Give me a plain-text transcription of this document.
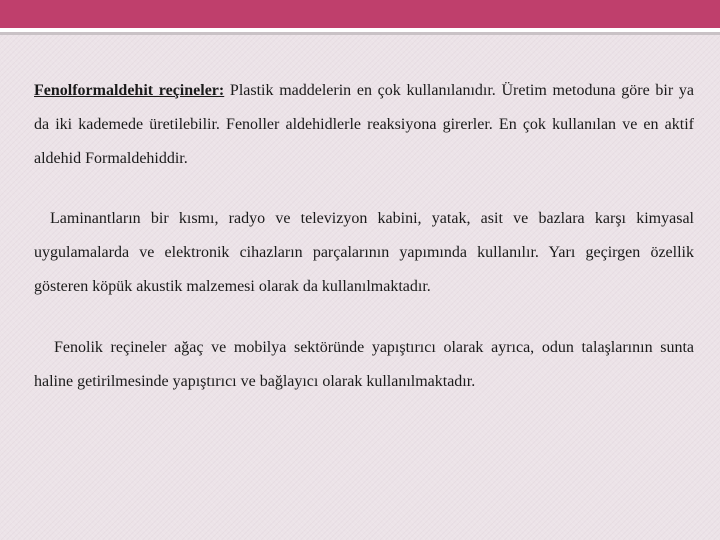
Fenolformaldehit reçineler: Plastik maddelerin en çok kullanılanıdır. Üretim metoduna göre bir ya da iki kademede üretilebilir. Fenoller aldehidlerle reaksiyona girerler. En çok kullanılan ve en aktif aldehid Formaldehiddir.

Laminantların bir kısmı, radyo ve televizyon kabini, yatak, asit ve bazlara karşı kimyasal uygulamalarda ve elektronik cihazların parçalarının yapımında kullanılır. Yarı geçirgen özellik gösteren köpük akustik malzemesi olarak da kullanılmaktadır.

Fenolik reçineler ağaç ve mobilya sektöründe yapıştırıcı olarak ayrıca, odun talaşlarının sunta haline getirilmesinde yapıştırıcı ve bağlayıcı olarak kullanılmaktadır.
